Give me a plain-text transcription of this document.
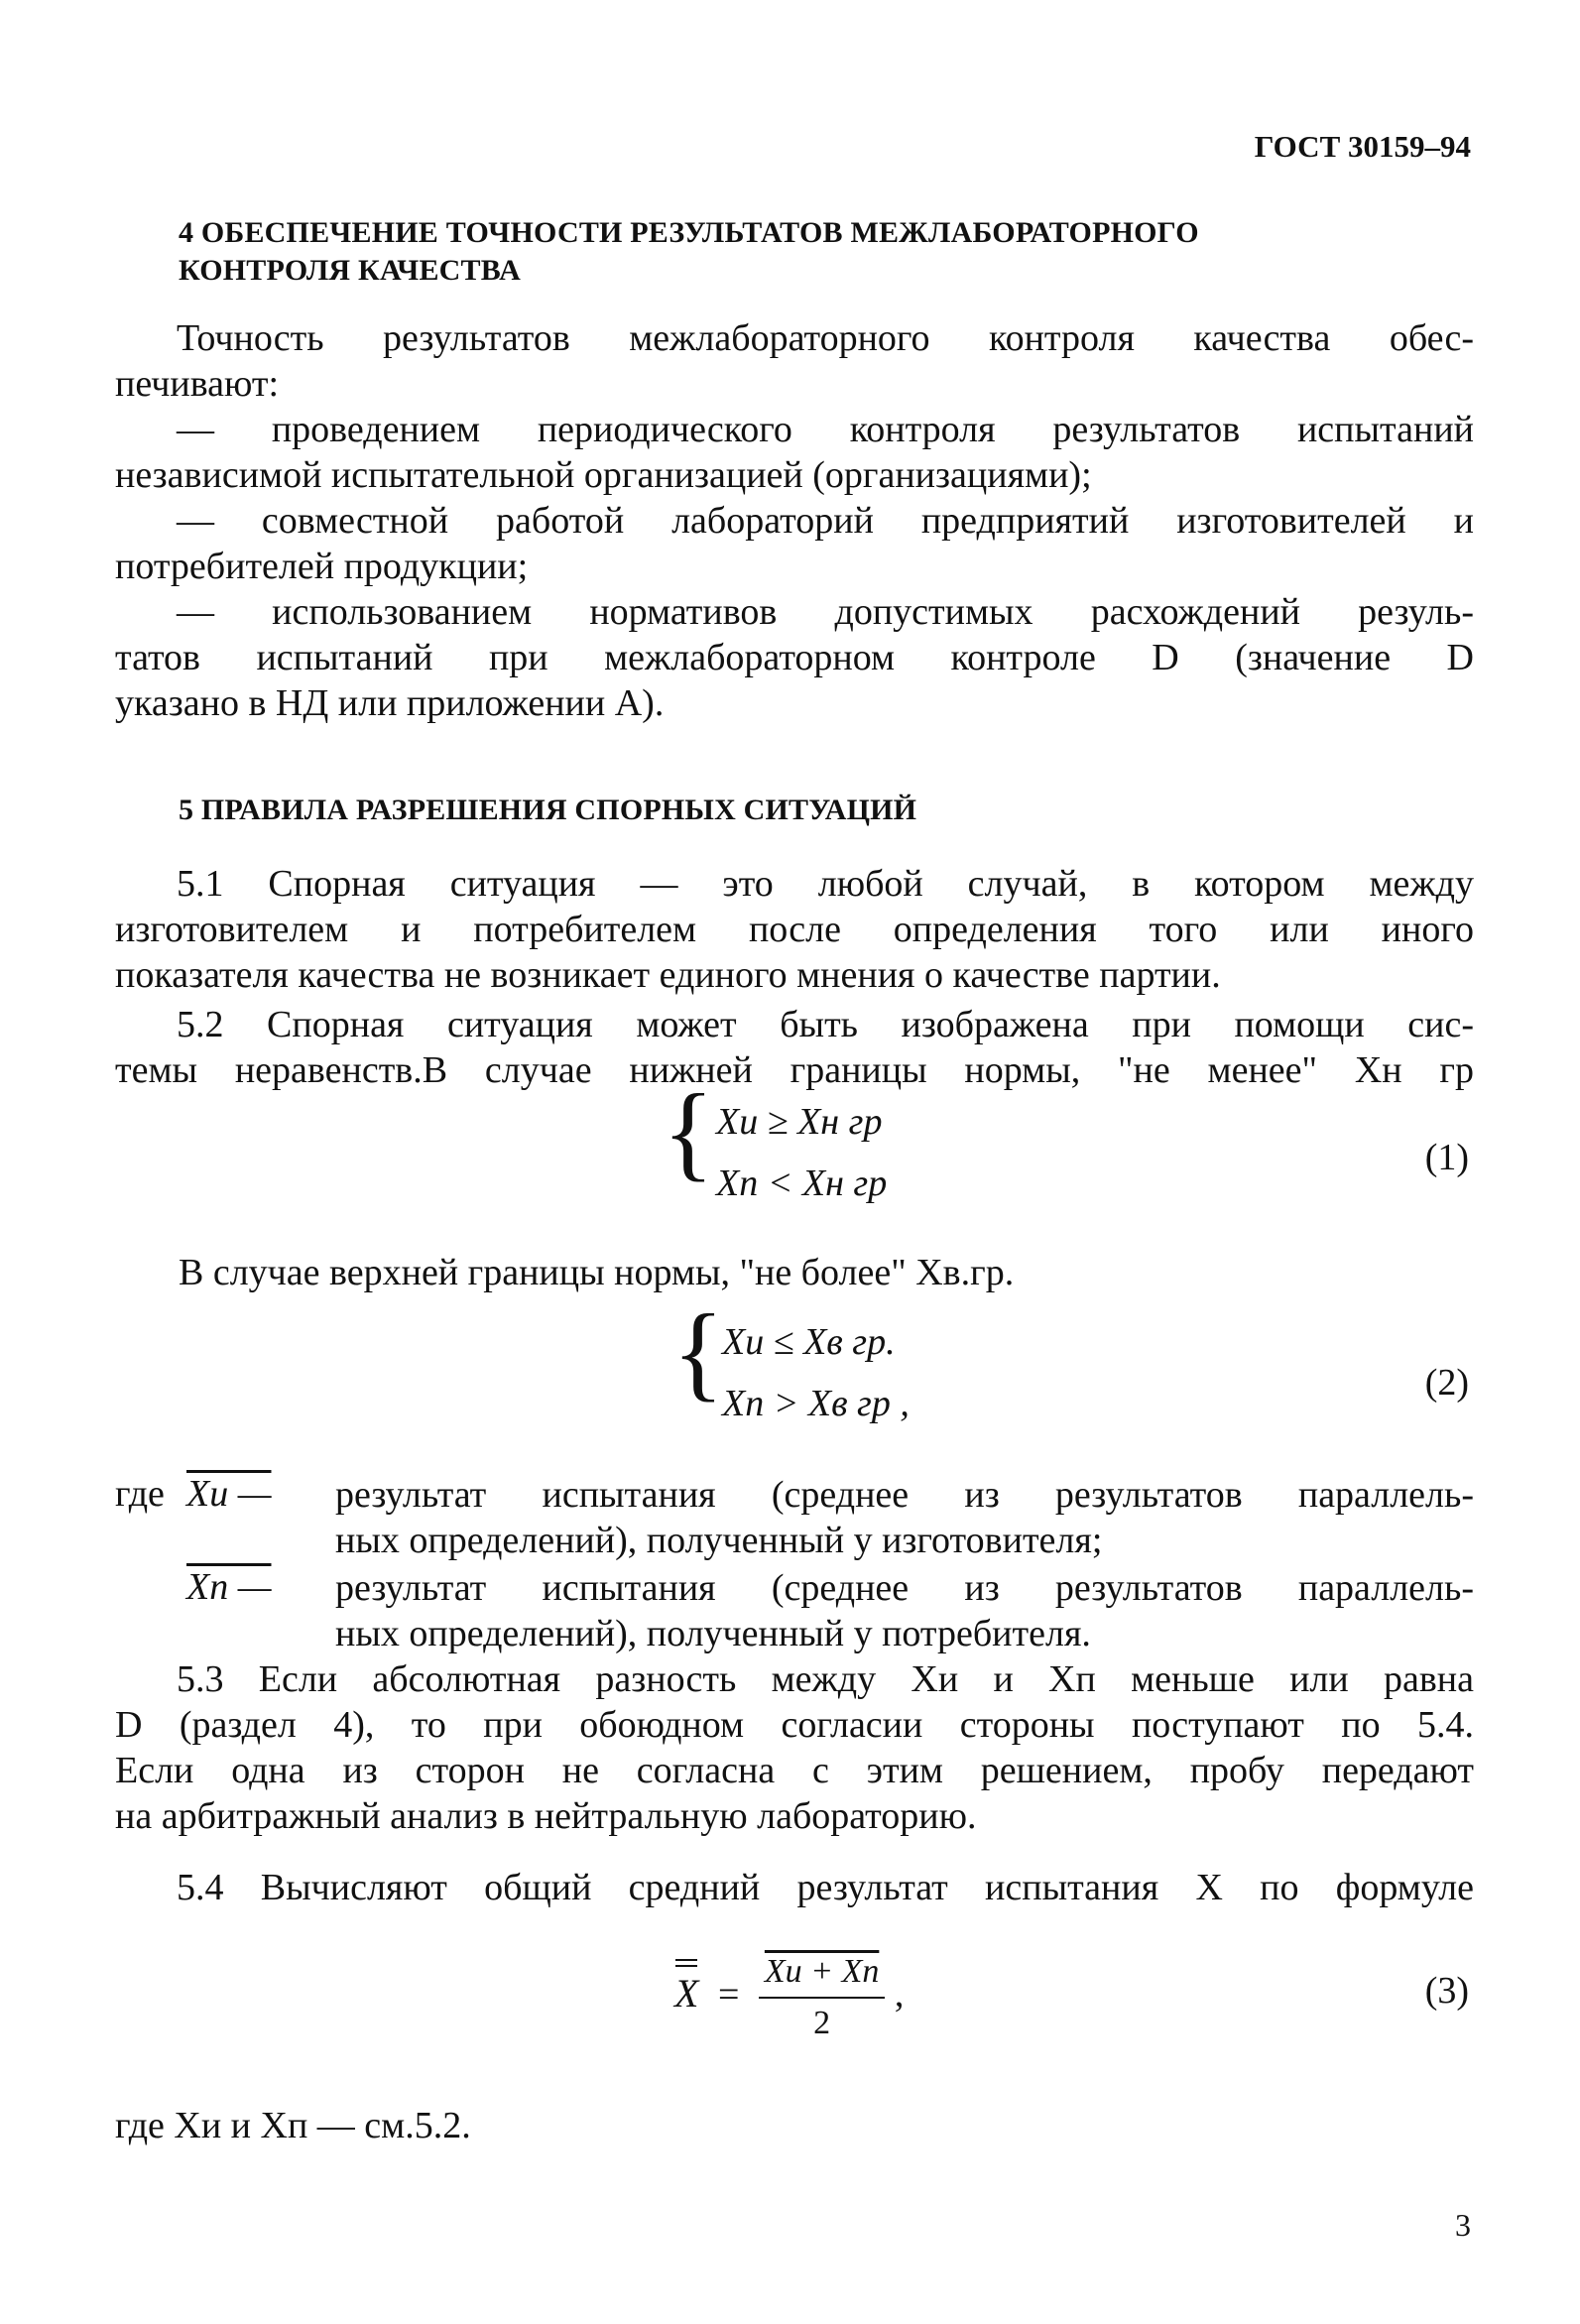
ГОСТ 30159–94
4 ОБЕСПЕЧЕНИЕ ТОЧНОСТИ РЕЗУЛЬТАТОВ МЕЖЛАБОРАТОРНОГО
КОНТРОЛЯ КАЧЕСТВА
Точность результатов межлабораторного контроля качества обес-
печивают:
— проведением периодического контроля результатов испытаний
независимой испытательной организацией (организациями);
— совместной работой лабораторий предприятий изготовителей и
потребителей продукции;
— использованием нормативов допустимых расхождений резуль-
татов испытаний при межлабораторном контроле D (значение D
указано в НД или приложении А).
5 ПРАВИЛА РАЗРЕШЕНИЯ СПОРНЫХ СИТУАЦИЙ
5.1 Спорная ситуация — это любой случай, в котором между
изготовителем и потребителем после определения того или иного
показателя качества не возникает единого мнения о качестве партии.
5.2 Спорная ситуация может быть изображена при помощи сис-
темы неравенств.В случае нижней границы нормы, "не менее" Xн гр
{ Xи ≥ Xн гр
Xп < Xн гр
(1)
В случае верхней границы нормы, "не более" Xв.гр.
{
Xи ≤ Xв гр.
Xп > Xв гр ,	(2)
где Xи — результат испытания (среднее из результатов параллель-
ных определений), полученный у изготовителя;
Xп — результат испытания (среднее из результатов параллель-
ных определений), полученный у потребителя.
5.3 Если абсолютная разность между Xи и Xп меньше или равна
D (раздел 4), то при обоюдном согласии стороны поступают по 5.4.
Если одна из сторон не согласна с этим решением, пробу передают
на арбитражный анализ в нейтральную лабораторию.
5.4 Вычисляют общий средний результат испытания X по формуле
$X = \frac{Xи + Xп}{2}$ ,	(3)
где Xи и Xп — см.5.2.
3
